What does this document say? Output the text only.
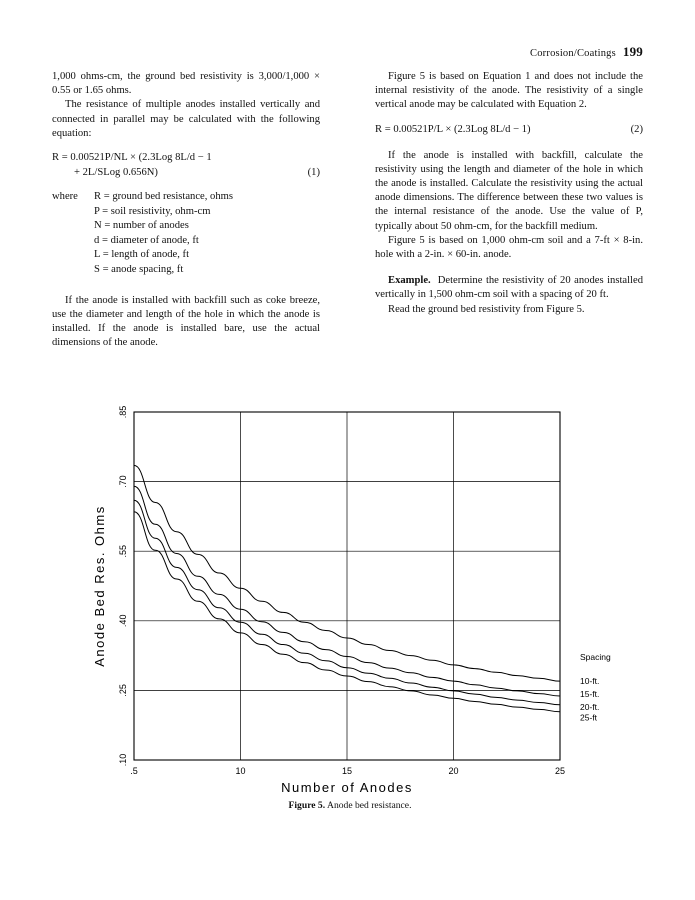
Corrosion/Coatings 199

1,000 ohms-cm, the ground bed resistivity is 3,000/1,000 × 0.55 or 1.65 ohms.

The resistance of multiple anodes installed vertically and connected in parallel may be calculated with the following equation:

R = 0.00521P/NL × (2.3Log 8L/d − 1
+ 2L/SLog 0.656N)	(1)
where R = ground bed resistance, ohms
P = soil resistivity, ohm-cm
N = number of anodes
d = diameter of anode, ft
L = length of anode, ft
S = anode spacing, ft

If the anode is installed with backfill such as coke breeze, use the diameter and length of the hole in which the anode is installed. If the anode is installed bare, use the actual dimensions of the anode.

Figure 5 is based on Equation 1 and does not include the internal resistivity of the anode. The resistivity of a single vertical anode may be calculated with Equation 2.

R = 0.00521P/L × (2.3Log 8L/d − 1)	(2)

If the anode is installed with backfill, calculate the resistivity using the length and diameter of the hole in which the anode is installed. Calculate the resistivity using the actual anode dimensions. The difference between these two values is the internal resistance of the anode. Use the value of P, typically about 50 ohm-cm, for the backfill medium.

Figure 5 is based on 1,000 ohm-cm soil and a 7-ft × 8-in. hole with a 2-in. × 60-in. anode.

Example. Determine the resistivity of 20 anodes installed vertically in 1,500 ohm-cm soil with a spacing of 20 ft.

Read the ground bed resistivity from Figure 5.

.5	10	15	20	25
.10
.25
.40
.55
.70
.85
Number of Anodes
Anode Bed Res. Ohms	Spacing
10-ft.
15-ft.
20-ft.
25-ft
Figure 5. Anode bed resistance.
